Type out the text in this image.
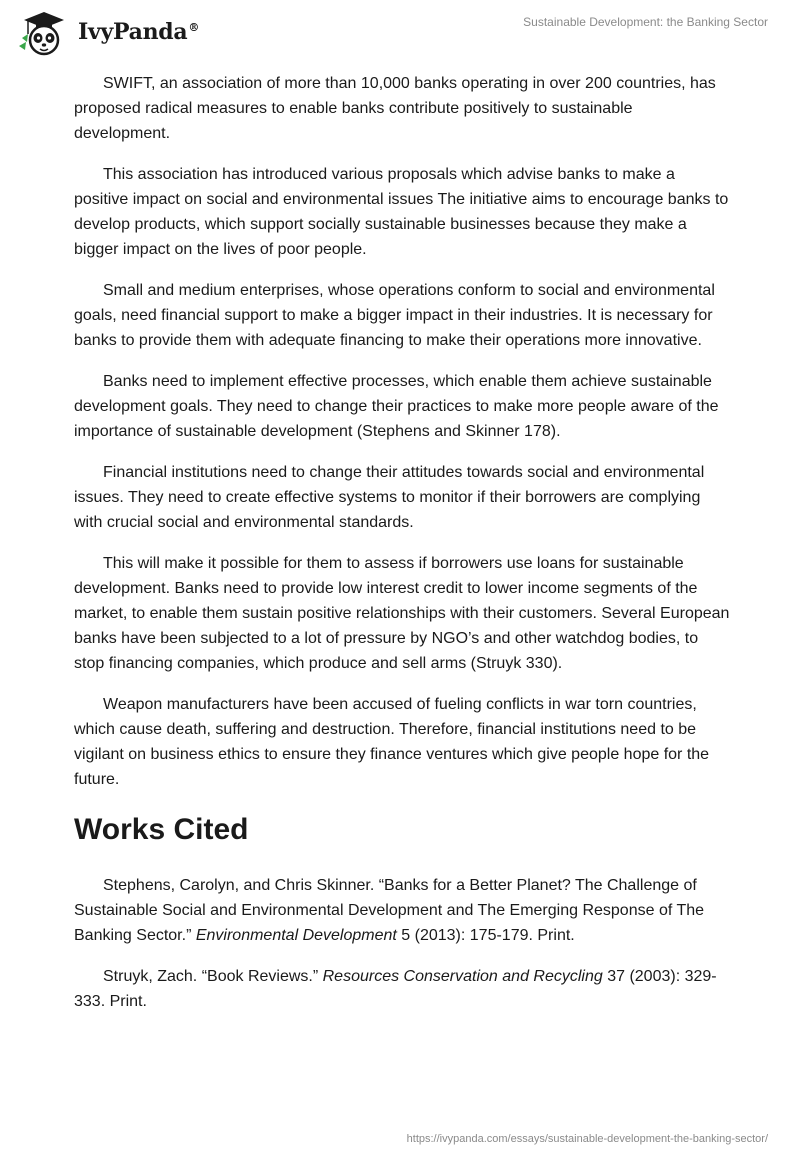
IvyPanda®	Sustainable Development: the Banking Sector

SWIFT, an association of more than 10,000 banks operating in over 200 countries, has proposed radical measures to enable banks contribute positively to sustainable development.

This association has introduced various proposals which advise banks to make a positive impact on social and environmental issues The initiative aims to encourage banks to develop products, which support socially sustainable businesses because they make a bigger impact on the lives of poor people.

Small and medium enterprises, whose operations conform to social and environmental goals, need financial support to make a bigger impact in their industries. It is necessary for banks to provide them with adequate financing to make their operations more innovative.

Banks need to implement effective processes, which enable them achieve sustainable development goals. They need to change their practices to make more people aware of the importance of sustainable development (Stephens and Skinner 178).

Financial institutions need to change their attitudes towards social and environmental issues. They need to create effective systems to monitor if their borrowers are complying with crucial social and environmental standards.

This will make it possible for them to assess if borrowers use loans for sustainable development. Banks need to provide low interest credit to lower income segments of the market, to enable them sustain positive relationships with their customers. Several European banks have been subjected to a lot of pressure by NGO’s and other watchdog bodies, to stop financing companies, which produce and sell arms (Struyk 330).

Weapon manufacturers have been accused of fueling conflicts in war torn countries, which cause death, suffering and destruction. Therefore, financial institutions need to be vigilant on business ethics to ensure they finance ventures which give people hope for the future.

Works Cited

Stephens, Carolyn, and Chris Skinner. “Banks for a Better Planet? The Challenge of Sustainable Social and Environmental Development and The Emerging Response of The Banking Sector.” Environmental Development 5 (2013): 175-179. Print.

Struyk, Zach. “Book Reviews.” Resources Conservation and Recycling 37 (2003): 329-333. Print.

https://ivypanda.com/essays/sustainable-development-the-banking-sector/
